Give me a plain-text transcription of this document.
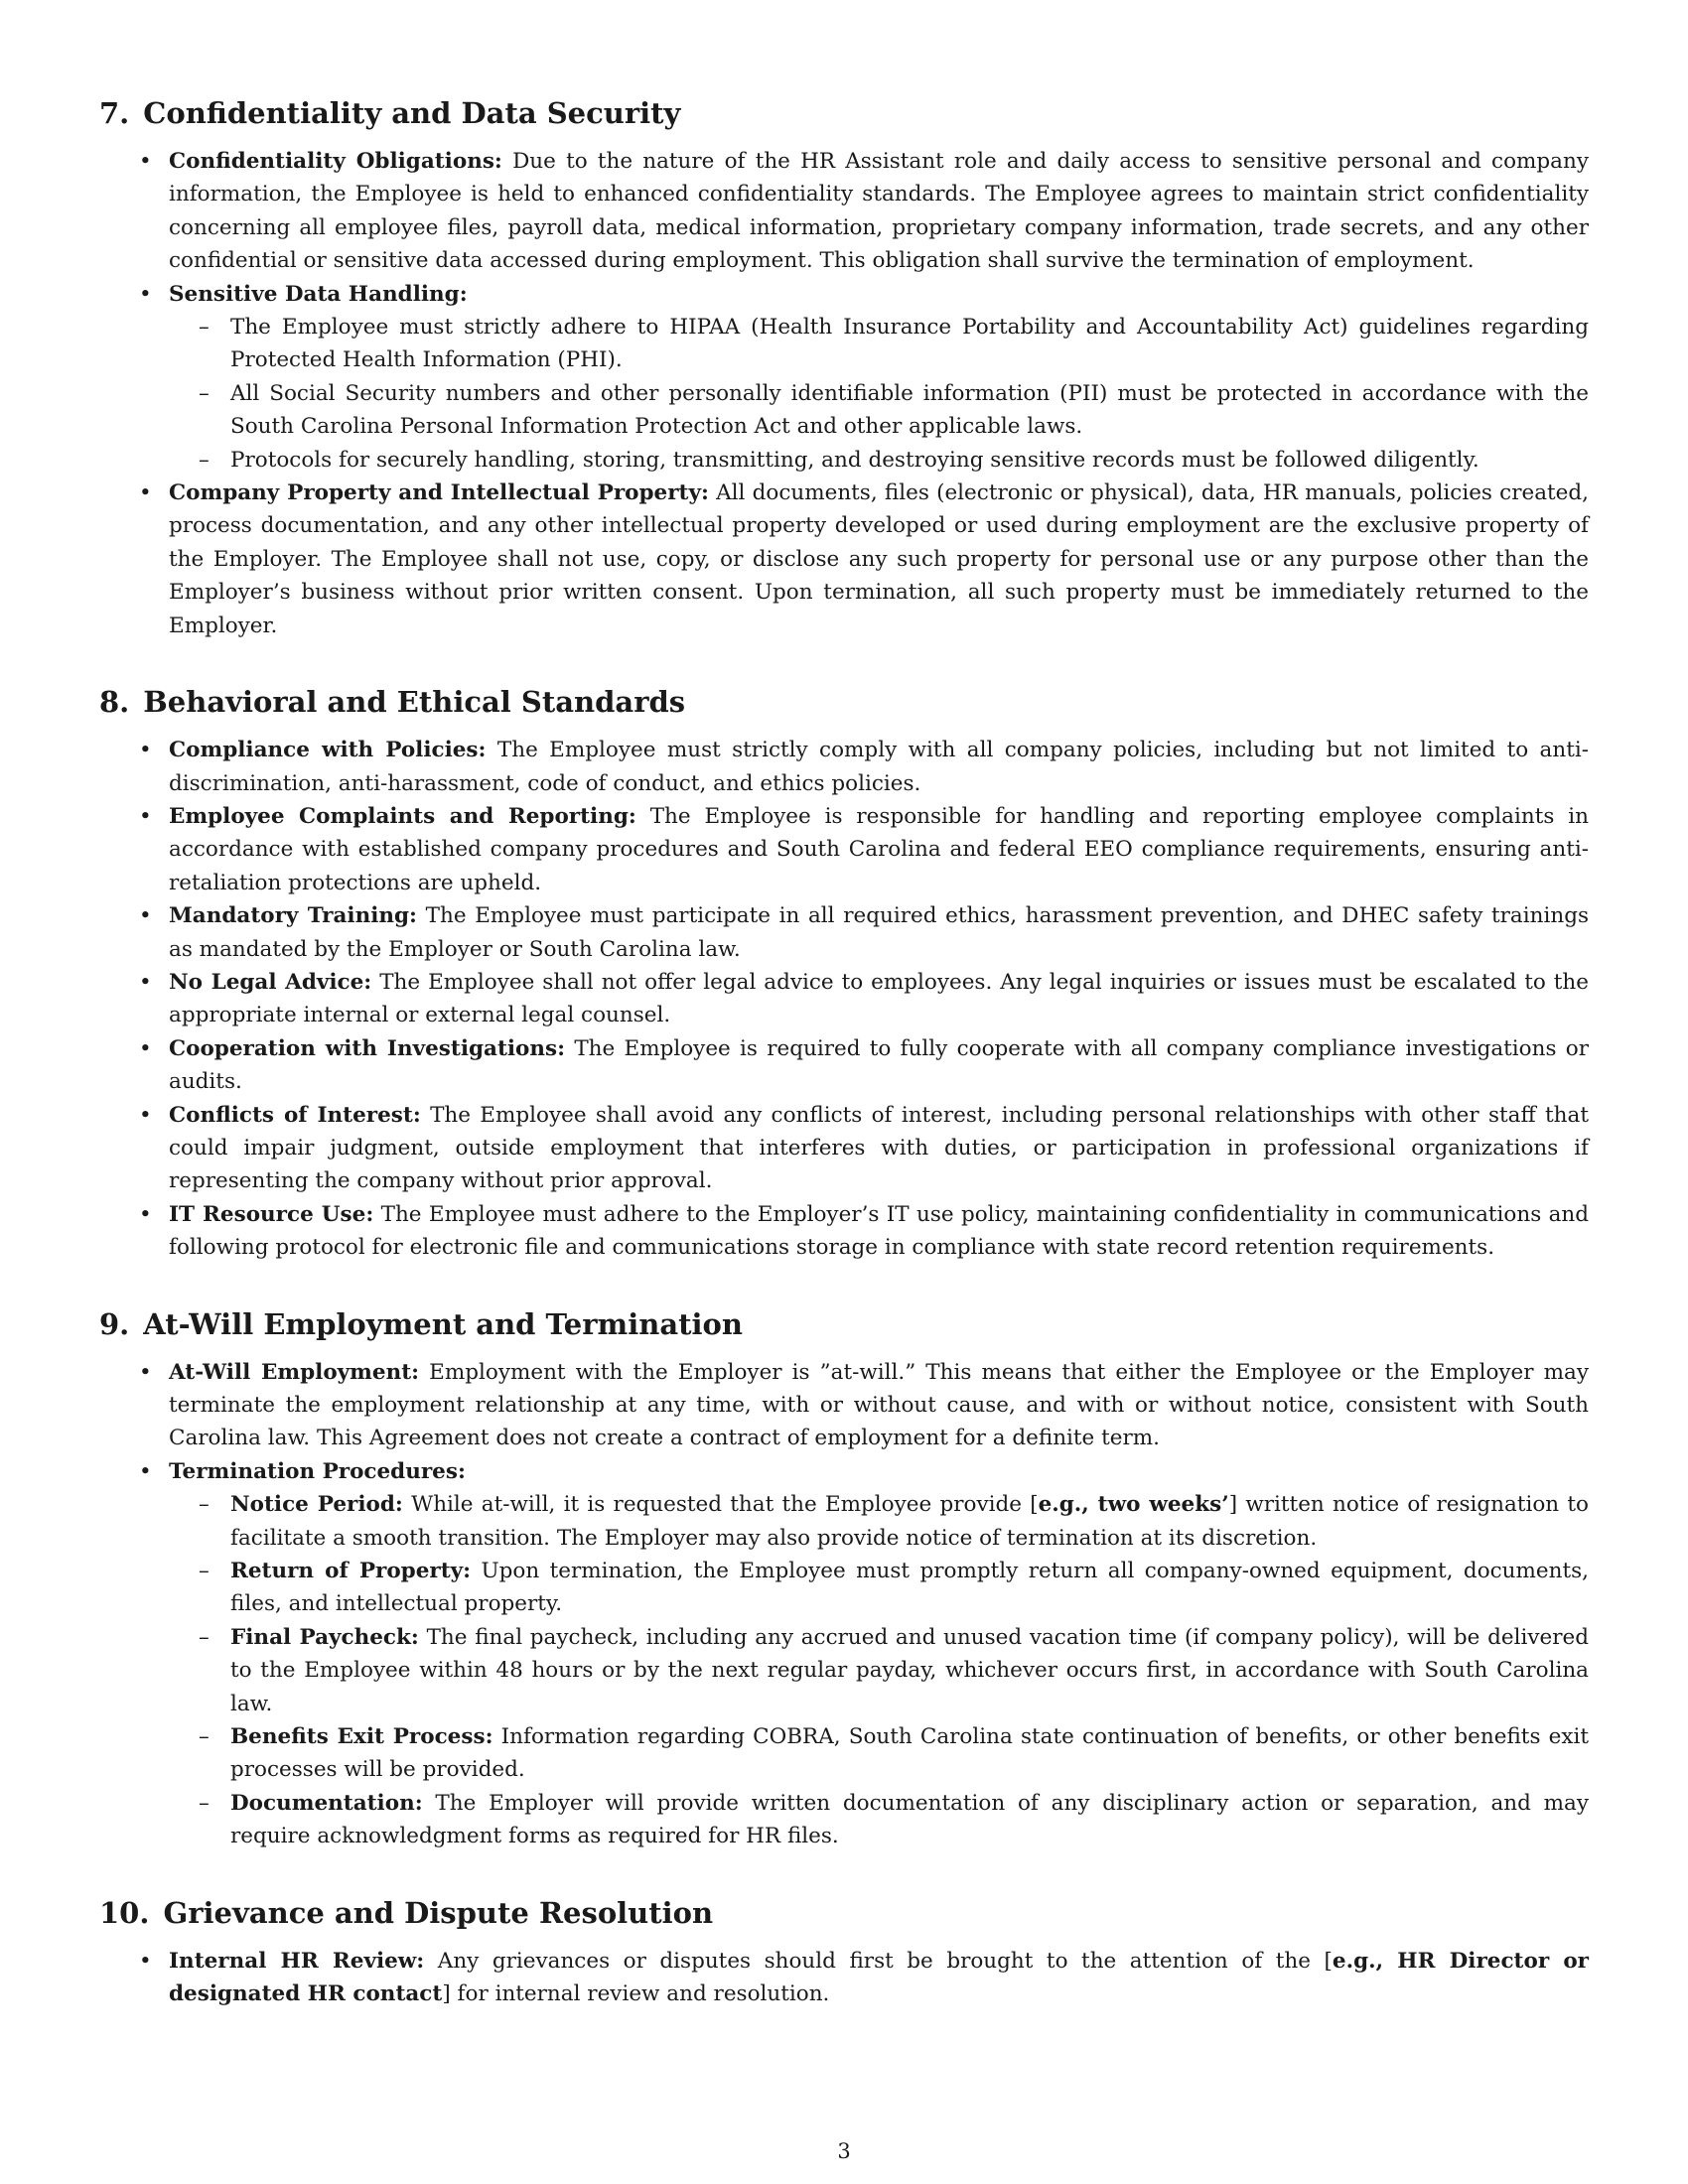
7. Confidentiality and Data Security
• Confidentiality Obligations: Due to the nature of the HR Assistant role and daily access to sensitive personal and company information, the Employee is held to enhanced confidentiality standards. The Employee agrees to maintain strict confidentiality concerning all employee files, payroll data, medical information, proprietary company information, trade secrets, and any other confidential or sensitive data accessed during employment. This obligation shall survive the termination of employment.
• Sensitive Data Handling:
– The Employee must strictly adhere to HIPAA (Health Insurance Portability and Accountability Act) guidelines regarding Protected Health Information (PHI).
– All Social Security numbers and other personally identifiable information (PII) must be protected in accordance with the South Carolina Personal Information Protection Act and other applicable laws.
– Protocols for securely handling, storing, transmitting, and destroying sensitive records must be followed diligently.
• Company Property and Intellectual Property: All documents, files (electronic or physical), data, HR manuals, policies created, process documentation, and any other intellectual property developed or used during employment are the exclusive property of the Employer. The Employee shall not use, copy, or disclose any such property for personal use or any purpose other than the Employer’s business without prior written consent. Upon termination, all such property must be immediately returned to the Employer.
8. Behavioral and Ethical Standards
• Compliance with Policies: The Employee must strictly comply with all company policies, including but not limited to anti-discrimination, anti-harassment, code of conduct, and ethics policies.
• Employee Complaints and Reporting: The Employee is responsible for handling and reporting employee complaints in accordance with established company procedures and South Carolina and federal EEO compliance requirements, ensuring anti-retaliation protections are upheld.
• Mandatory Training: The Employee must participate in all required ethics, harassment prevention, and DHEC safety trainings as mandated by the Employer or South Carolina law.
• No Legal Advice: The Employee shall not offer legal advice to employees. Any legal inquiries or issues must be escalated to the appropriate internal or external legal counsel.
• Cooperation with Investigations: The Employee is required to fully cooperate with all company compliance investigations or audits.
• Conflicts of Interest: The Employee shall avoid any conflicts of interest, including personal relationships with other staff that could impair judgment, outside employment that interferes with duties, or participation in professional organizations if representing the company without prior approval.
• IT Resource Use: The Employee must adhere to the Employer’s IT use policy, maintaining confidentiality in communications and following protocol for electronic file and communications storage in compliance with state record retention requirements.
9. At-Will Employment and Termination
• At-Will Employment: Employment with the Employer is ”at-will.” This means that either the Employee or the Employer may terminate the employment relationship at any time, with or without cause, and with or without notice, consistent with South Carolina law. This Agreement does not create a contract of employment for a definite term.
• Termination Procedures:
– Notice Period: While at-will, it is requested that the Employee provide [e.g., two weeks’] written notice of resignation to facilitate a smooth transition. The Employer may also provide notice of termination at its discretion.
– Return of Property: Upon termination, the Employee must promptly return all company-owned equipment, documents, files, and intellectual property.
– Final Paycheck: The final paycheck, including any accrued and unused vacation time (if company policy), will be delivered to the Employee within 48 hours or by the next regular payday, whichever occurs first, in accordance with South Carolina law.
– Benefits Exit Process: Information regarding COBRA, South Carolina state continuation of benefits, or other benefits exit processes will be provided.
– Documentation: The Employer will provide written documentation of any disciplinary action or separation, and may require acknowledgment forms as required for HR files.
10. Grievance and Dispute Resolution
• Internal HR Review: Any grievances or disputes should first be brought to the attention of the [e.g., HR Director or designated HR contact] for internal review and resolution.
3
